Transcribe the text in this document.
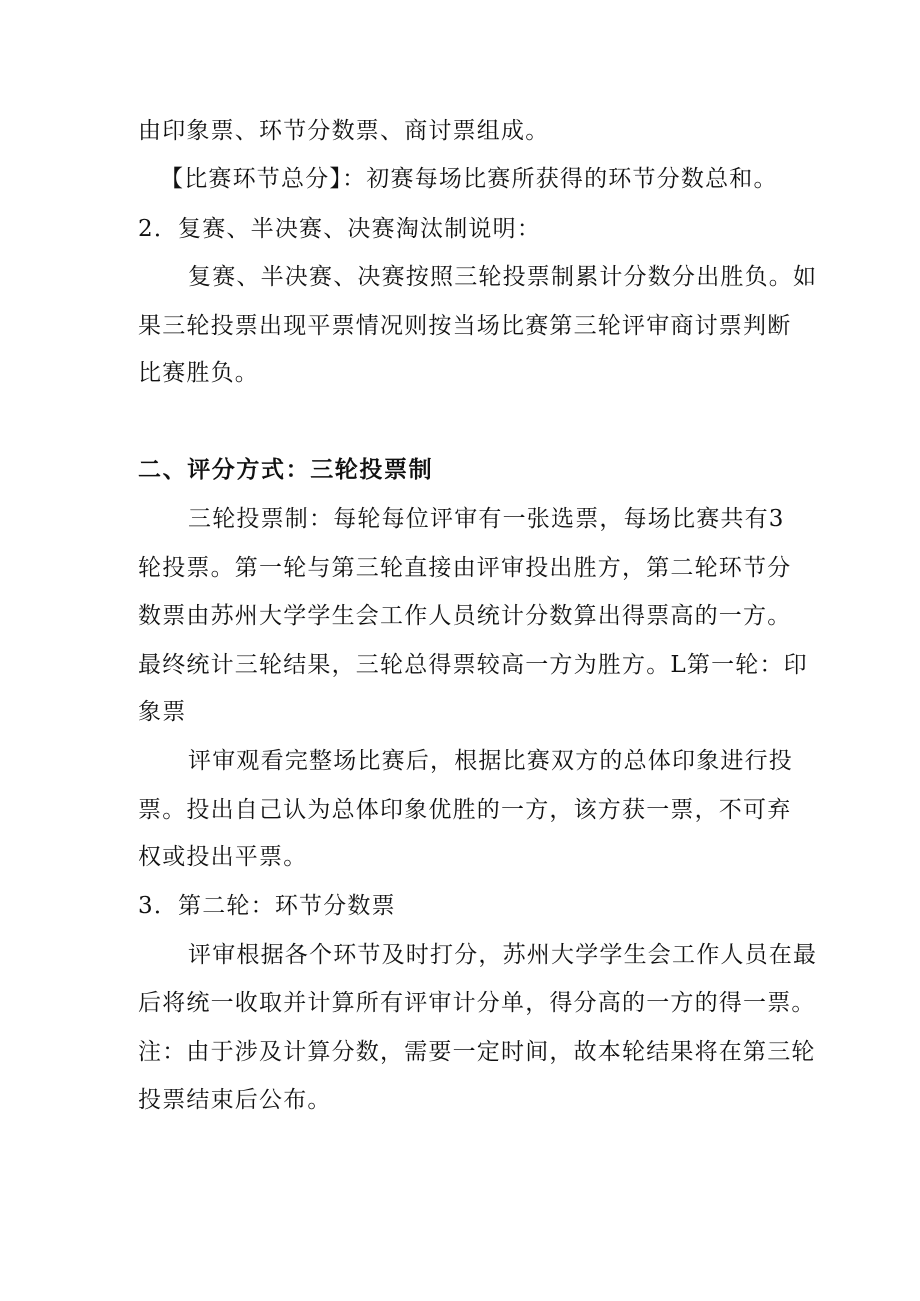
由印象票、环节分数票、商讨票组成。

【比赛环节总分】：初赛每场比赛所获得的环节分数总和。

2．复赛、半决赛、决赛淘汰制说明：

复赛、半决赛、决赛按照三轮投票制累计分数分出胜负。如

果三轮投票出现平票情况则按当场比赛第三轮评审商讨票判断

比赛胜负。

二、评分方式：三轮投票制

三轮投票制：每轮每位评审有一张选票，每场比赛共有3

轮投票。第一轮与第三轮直接由评审投出胜方，第二轮环节分

数票由苏州大学学生会工作人员统计分数算出得票高的一方。

最终统计三轮结果，三轮总得票较高一方为胜方。L第一轮：印

象票

评审观看完整场比赛后，根据比赛双方的总体印象进行投

票。投出自己认为总体印象优胜的一方，该方获一票，不可弃

权或投出平票。

3．第二轮：环节分数票

评审根据各个环节及时打分，苏州大学学生会工作人员在最

后将统一收取并计算所有评审计分单，得分高的一方的得一票。

注：由于涉及计算分数，需要一定时间，故本轮结果将在第三轮

投票结束后公布。
